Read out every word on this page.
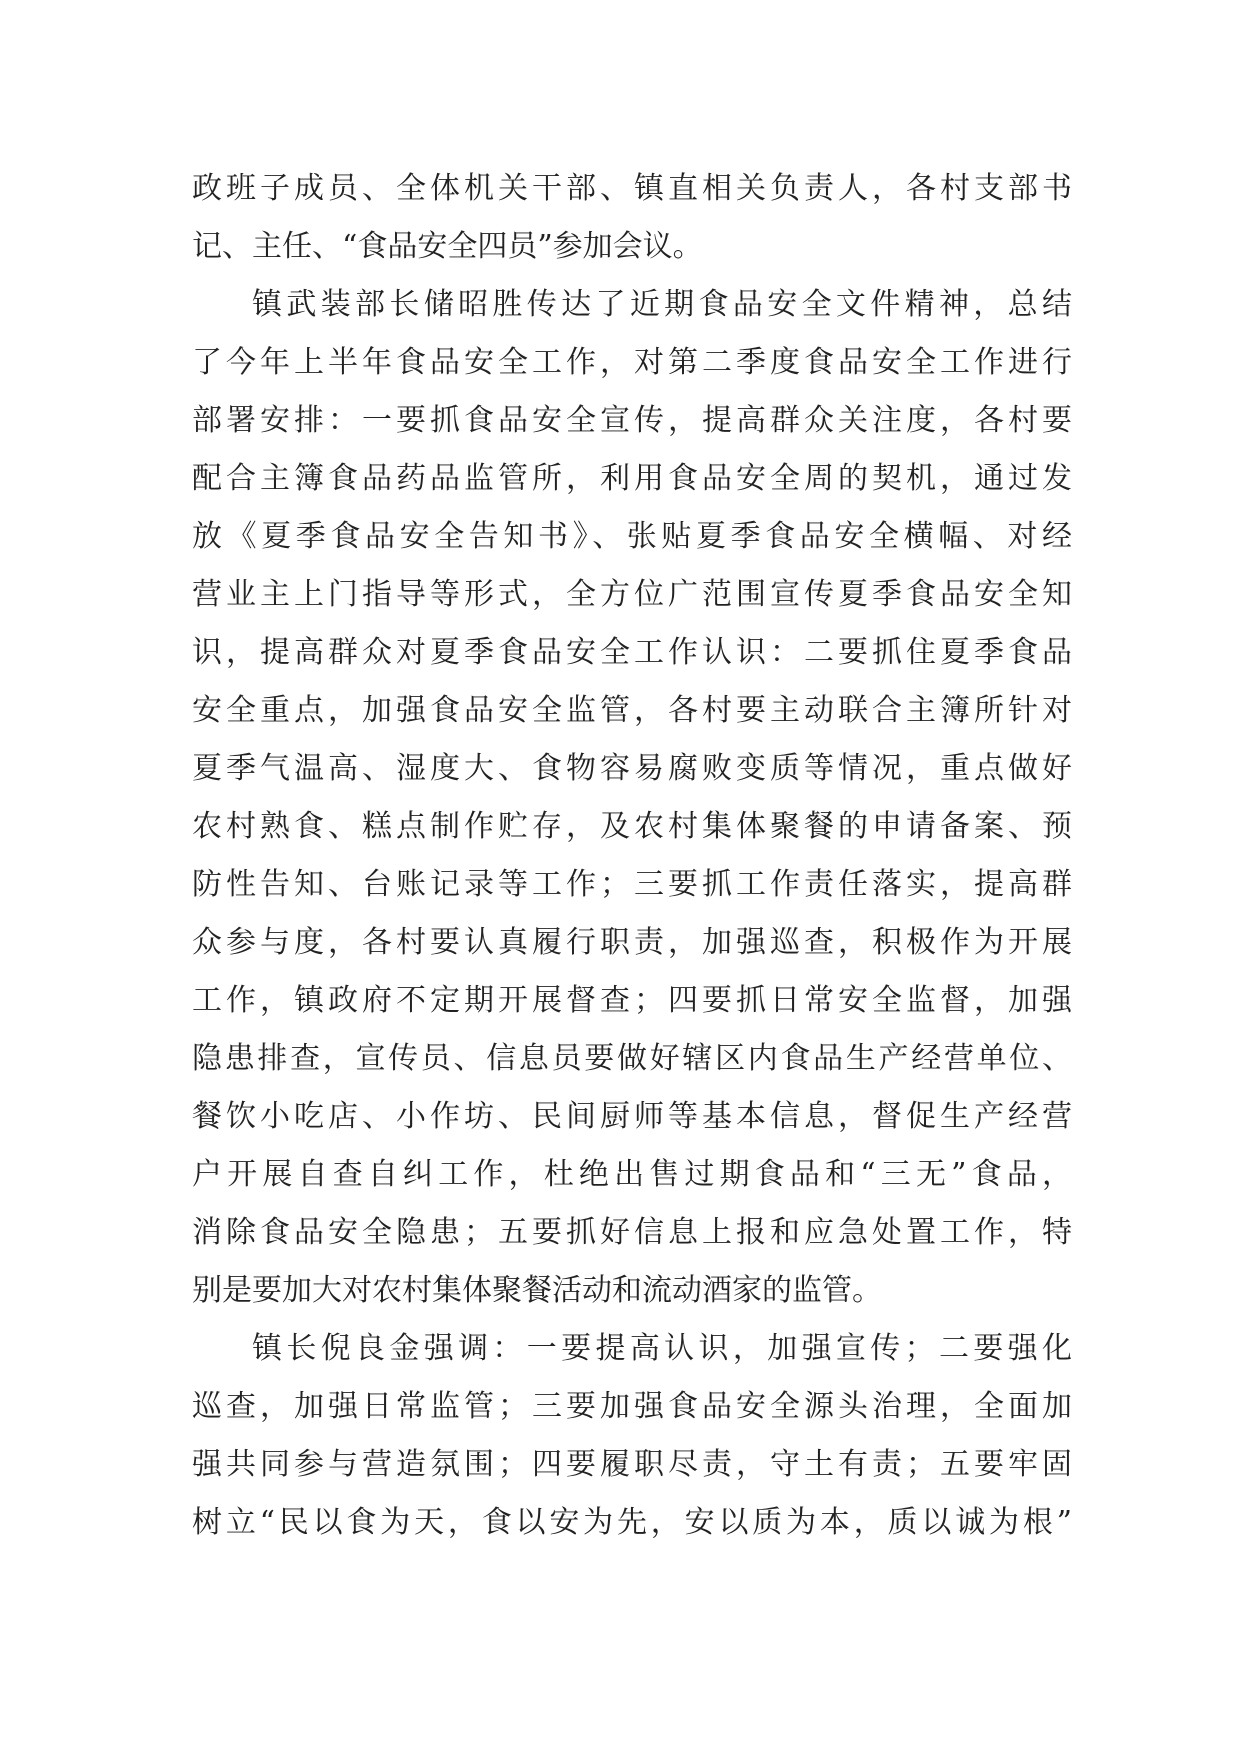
政班子成员、全体机关干部、镇直相关负责人，各村支部书
记、主任、“食品安全四员”参加会议。
镇武装部长储昭胜传达了近期食品安全文件精神，总结
了今年上半年食品安全工作，对第二季度食品安全工作进行
部署安排：一要抓食品安全宣传，提高群众关注度，各村要
配合主簿食品药品监管所，利用食品安全周的契机，通过发
放《夏季食品安全告知书》、张贴夏季食品安全横幅、对经
营业主上门指导等形式，全方位广范围宣传夏季食品安全知
识，提高群众对夏季食品安全工作认识：二要抓住夏季食品
安全重点，加强食品安全监管，各村要主动联合主簿所针对
夏季气温高、湿度大、食物容易腐败变质等情况，重点做好
农村熟食、糕点制作贮存，及农村集体聚餐的申请备案、预
防性告知、台账记录等工作；三要抓工作责任落实，提高群
众参与度，各村要认真履行职责，加强巡查，积极作为开展
工作，镇政府不定期开展督查；四要抓日常安全监督，加强
隐患排查，宣传员、信息员要做好辖区内食品生产经营单位、
餐饮小吃店、小作坊、民间厨师等基本信息，督促生产经营
户开展自查自纠工作，杜绝出售过期食品和“三无”食品，
消除食品安全隐患；五要抓好信息上报和应急处置工作，特
别是要加大对农村集体聚餐活动和流动酒家的监管。
镇长倪良金强调：一要提高认识，加强宣传；二要强化
巡查，加强日常监管；三要加强食品安全源头治理，全面加
强共同参与营造氛围；四要履职尽责，守土有责；五要牢固
树立“民以食为天，食以安为先，安以质为本，质以诚为根”
